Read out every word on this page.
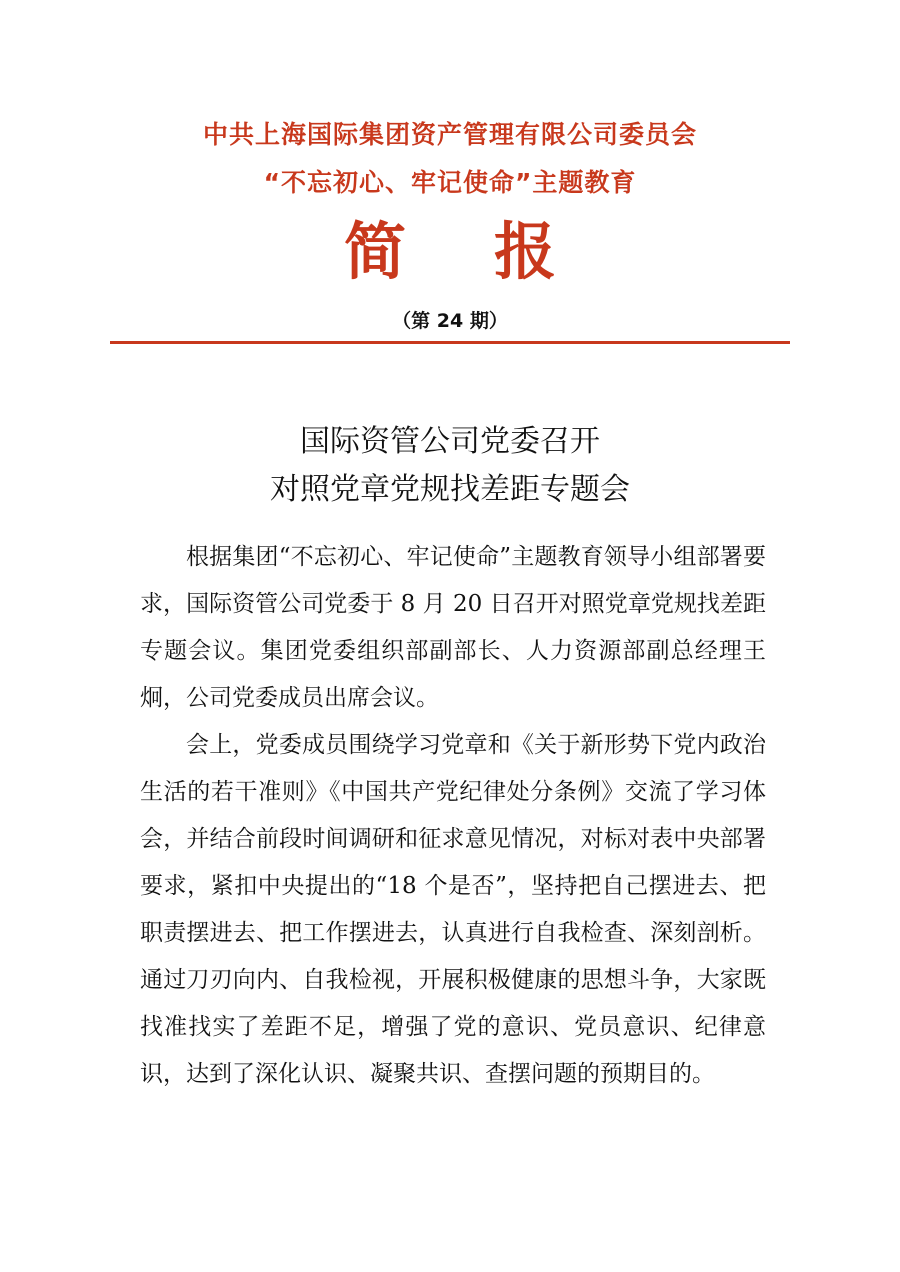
中共上海国际集团资产管理有限公司委员会
“不忘初心、牢记使命”主题教育
简 报
（第 24 期）
国际资管公司党委召开
对照党章党规找差距专题会

根据集团“不忘初心、牢记使命”主题教育领导小组部署要求，国际资管公司党委于 8 月 20 日召开对照党章党规找差距专题会议。集团党委组织部副部长、人力资源部副总经理王炯，公司党委成员出席会议。

会上，党委成员围绕学习党章和《关于新形势下党内政治生活的若干准则》《中国共产党纪律处分条例》交流了学习体会，并结合前段时间调研和征求意见情况，对标对表中央部署要求，紧扣中央提出的“18 个是否”，坚持把自己摆进去、把职责摆进去、把工作摆进去，认真进行自我检查、深刻剖析。通过刀刃向内、自我检视，开展积极健康的思想斗争，大家既找准找实了差距不足，增强了党的意识、党员意识、纪律意识，达到了深化认识、凝聚共识、查摆问题的预期目的。
